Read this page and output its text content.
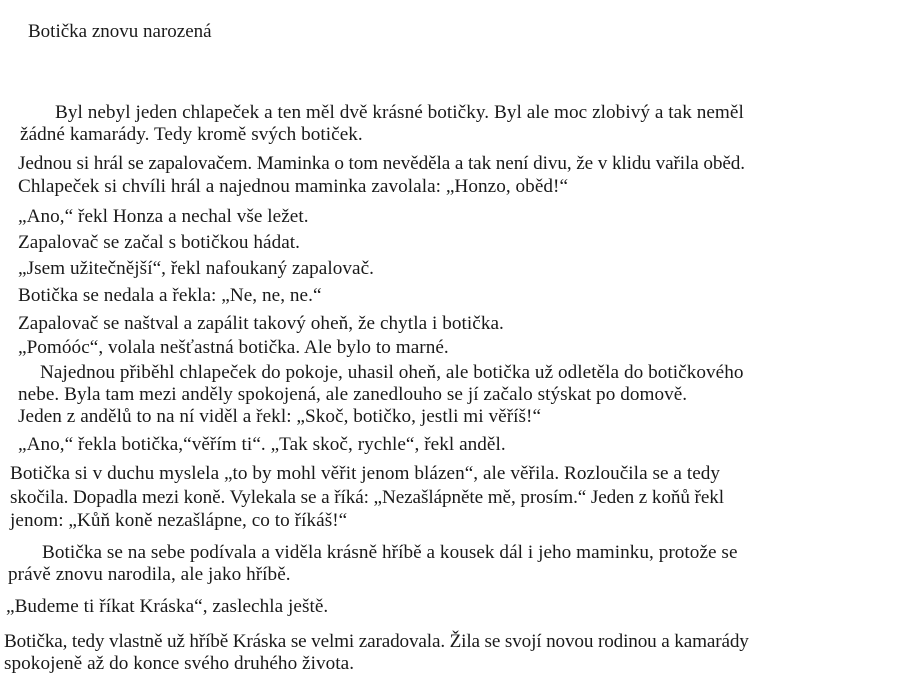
Botička znovu narozená
Byl nebyl jeden chlapeček a ten měl dvě krásné botičky. Byl ale moc zlobivý a tak neměl
žádné kamarády. Tedy kromě svých botiček.
Jednou si hrál se zapalovačem. Maminka o tom nevěděla a tak není divu, že v klidu vařila oběd.
Chlapeček si chvíli hrál a najednou maminka zavolala: „Honzo, oběd!“
„Ano,“ řekl Honza a nechal vše ležet.
Zapalovač se začal s botičkou hádat.
„Jsem užitečnější“, řekl nafoukaný zapalovač.
Botička se nedala a řekla: „Ne, ne, ne.“
Zapalovač se naštval a zapálit takový oheň, že chytla i botička.
„Pomóóc“, volala nešťastná botička. Ale bylo to marné.
Najednou přiběhl chlapeček do pokoje, uhasil oheň, ale botička už odletěla do botičkového
nebe. Byla tam mezi anděly spokojená, ale zanedlouho se jí začalo stýskat po domově.
Jeden z andělů to na ní viděl a řekl: „Skoč, botičko, jestli mi věříš!“
„Ano,“ řekla botička,“věřím ti“. „Tak skoč, rychle“, řekl anděl.
Botička si v duchu myslela „to by mohl věřit jenom blázen“, ale věřila. Rozloučila se a tedy
skočila. Dopadla mezi koně. Vylekala se a říká: „Nezašlápněte mě, prosím.“ Jeden z koňů řekl
jenom: „Kůň koně nezašlápne, co to říkáš!“
Botička se na sebe podívala a viděla krásně hříbě a kousek dál i jeho maminku, protože se
právě znovu narodila, ale jako hříbě.
„Budeme ti říkat Kráska“, zaslechla ještě.
Botička, tedy vlastně už hříbě Kráska se velmi zaradovala. Žila se svojí novou rodinou a kamarády
spokojeně až do konce svého druhého života.
